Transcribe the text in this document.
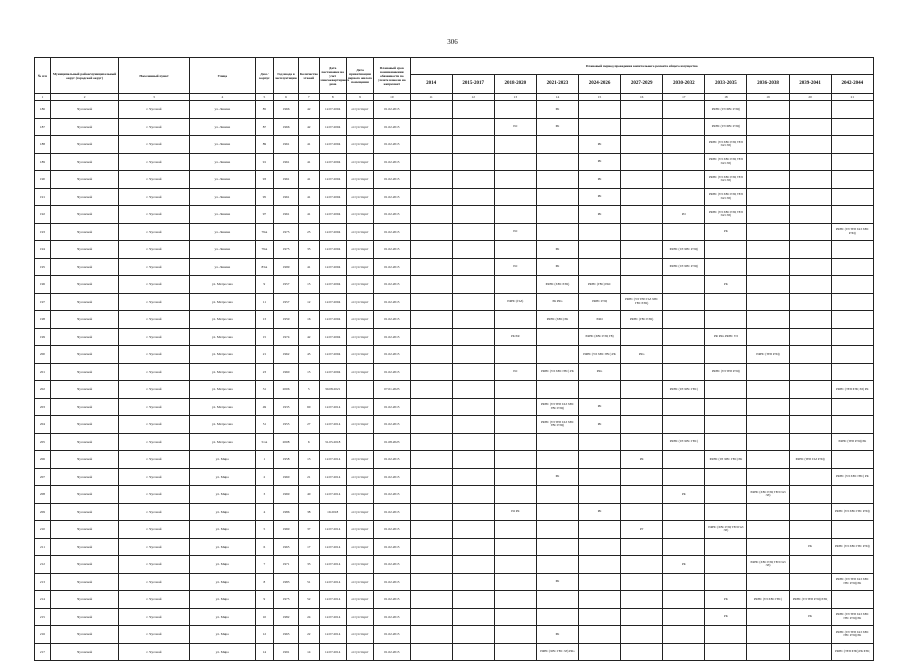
306
№ п/п	Муниципальный район/муниципальный округ (городской округ)	Населенный пункт	Улица	Дом / корпус	Год ввода в эксплуатацию	Количество этажей	Дата постановки на учет многоквартирного дома	Дата приватизации первого жилого помещения	Плановый срок возникновения обязанности по уплате взносов на капремонт	Плановый период проведения капитального ремонта общего имущества										
										2014	2015-2017	2018-2020	2021-2023	2024-2026	2027-2029	2030-2032	2033-2035	2036-2038	2039-2041	2042-2044
1	2	3	4	5	6	7	8	9	10	11	12	13	14	15	16	17	18	19	20	21
186	Чусовской	г. Чусовой	ул. Ленина	85	1966	42	12.07.2004	отсутствует	01.02.2015				РК				РФНС (УЛ ХВС РЭЦ)			
187	Чусовской	г. Чусовой	ул. Ленина	87	1966	42	12.07.2004	отсутствует	01.02.2015			РО	РК				РФНС (УЛ ХВС РЭЦ)			
188	Чусовской	г. Чусовой	ул. Ленина	89	1961	41	12.07.2004	отсутствует	01.02.2015					РК			РФНС (УЛ ХВС РЭЦ ТЕП ГАЗ ЭЛ)			
189	Чусовской	г. Чусовой	ул. Ленина	91	1961	41	12.07.2004	отсутствует	01.02.2015					РК			РФНС (УЛ ХВС РЭЦ ТЕП ГАЗ ЭЛ)			
190	Чусовской	г. Чусовой	ул. Ленина	93	1961	41	12.07.2004	отсутствует	01.02.2015					РК			РФНС (УЛ ХВС РЭЦ ТЕП ГАЗ ЭЛ)			
191	Чусовской	г. Чусовой	ул. Ленина	95	1961	41	12.07.2004	отсутствует	01.02.2015					РК			РФНС (УЛ ХВС РЭЦ ТЕП ГАЗ ЭЛ)			
192	Чусовской	г. Чусовой	ул. Ленина	97	1961	41	12.07.2004	отсутствует	01.02.2015					РК		РО	РФНС (УЛ ХВС РЭЦ ТЕП ГАЗ ЭЛ)			
193	Чусовской	г. Чусовой	ул. Ленина	79А	1975	25	12.07.2004	отсутствует	01.02.2015			РО					РК			РФНС (УЛ ТЕП ГАЗ ХВС РЭЦ)
194	Чусовской	г. Чусовой	ул. Ленина	79А	1975	35	12.07.2004	отсутствует	01.02.2015				РК			РФНС (УЛ ХВС РЭЦ)				
195	Чусовской	г. Чусовой	ул. Ленина	83А	1999	41	12.07.2004	отсутствует	01.02.2015			РО	РК			РФНС (УЛ ХВС РЭЦ)				
196	Чусовской	г. Чусовой	ул. Матросова	9	1957	15	12.07.2004	отсутствует	01.02.2015				РФНС (ХВС РЭЦ)	РФНС (ГВС) РКС			РК			
197	Чусовской	г. Чусовой	ул. Матросова	11	1957	12	12.07.2004	отсутствует	01.02.2015			РФНС (ГАЗ)	РК РФо	РФНС РЭЦ	РФНС (УЛ ТЕП ГАЗ ХВС ГВС РЭЦ)					
198	Чусовской	г. Чусовой	ул. Матросова	13	1959	16	12.07.2004	отсутствует	01.02.2015				РФНС (ХВС) РК	РФО	РФНС (ГВС РЭЦ)					
199	Чусовской	г. Чусовой	ул. Матросова	15	1974	42	12.07.2004	отсутствует	01.02.2015			РК РФ		РФНС (ХВС РЭЦ ГВ)			РФ РФо РФНС УЛ			
200	Чусовской	г. Чусовой	ул. Матросова	21	1962	45	12.07.2004	отсутствует	01.02.2015					РФНС (УЛ ХВС ГВС) РК	РФо			РФНС (ТЕП РЭЦ)		
201	Чусовской	г. Чусовой	ул. Матросова	23	1960	15	12.07.2004	отсутствует	01.02.2015			РО	РФНС (УЛ ХВС ГВС) РК	РФо			РФНС (УЛ ТЕП РЭЦ)			
202	Чусовской	г. Чусовой	ул. Матросова	31	2006	5	30.08.2021		07.01.2023							РФНС (УЛ ХВС ГВС)				РФНС (ТЕП РЭЦ ЭЛ) РК
203	Чусовской	г. Чусовой	ул. Матросова	49	1935	60	12.07.2014	отсутствует	01.02.2015				РФНС (УЛ ТЕП ГАЗ ХВС ГВС РЭЦ)	РК						
204	Чусовской	г. Чусовой	ул. Матросова	51	1955	27	12.07.2014	отсутствует	01.02.2015				РФНС (УЛ ТЕП ГАЗ ХВС ГВС РЭЦ)	РК						
205	Чусовской	г. Чусовой	ул. Матросова	51А	2008	6	31.05.2018		01.08.2023							РФНС (УЛ ХВС ГВС)				РФНС (ТЕП РЭЦ) РК
206	Чусовской	г. Чусовой	ул. Мира	1	1958	13	12.07.2014	отсутствует	01.02.2015						РК		РФНС (УЛ ХВС ГВС) РК		РФНС (ТЕП ГАЗ РЭЦ)	
207	Чусовской	г. Чусовой	ул. Мира	2	1960	21	12.07.2014	отсутствует	01.02.2015				РК							РФНС (УЛ ХВС ГВС) РК
208	Чусовской	г. Чусовой	ул. Мира	3	1969	40	12.07.2014	отсутствует	01.02.2015							РК		РФНС (ХВС РЭЦ ТЕП ГАЗ ЭЛ)		
209	Чусовской	г. Чусовой	ул. Мира	4	1986	38	19.2018	отсутствует	01.02.2015			РО РК		РК						РФНС (УЛ ХВС ГВС РЭЦ)
210	Чусовской	г. Чусовой	ул. Мира	5	1969	37	12.07.2014	отсутствует	01.02.2015						РГ		РФНС (ХВС РЭЦ ТЕП ГАЗ ЭЛ)			
211	Чусовской	г. Чусовой	ул. Мира	6	1965	17	12.07.2014	отсутствует	01.02.2015										РК	РФНС (УЛ ХВС ГВС РЭЦ)
212	Чусовской	г. Чусовой	ул. Мира	7	1971	33	12.07.2014	отсутствует	01.02.2015							РК		РФНС (ХВС РЭЦ ТЕП ГАЗ ЭЛ)		
213	Чусовской	г. Чусовой	ул. Мира	8	1983	51	12.07.2014	отсутствует	01.02.2015				РК							РФНС (УЛ ТЕП ГАЗ ХВС ГВС РЭЦ) РК
214	Чусовской	г. Чусовой	ул. Мира	9	1975	52	12.07.2014	отсутствует	01.02.2015								РК	РФНС (УЛ ХВС ГВС)	РФНС (УЛ ТЕП РЭЦ) РЭЦ	
215	Чусовской	г. Чусовой	ул. Мира	10	1982	24	12.07.2014	отсутствует	01.02.2015								РК		РК	РФНС (УЛ ТЕП ГАЗ ХВС ГВС РЭЦ) РК
216	Чусовской	г. Чусовой	ул. Мира	12	1965	22	12.07.2014	отсутствует	01.02.2015				РК							РФНС (УЛ ТЕП ГАЗ ХВС ГВС РЭЦ) РК
217	Чусовской	г. Чусовой	ул. Мира	14	1991	14	12.07.2014	отсутствует	01.02.2015				РФНС (ХВС ГВС ЭЛ) РФо							РФНС (ТЕП РЭЦ) РК РЭЦ
